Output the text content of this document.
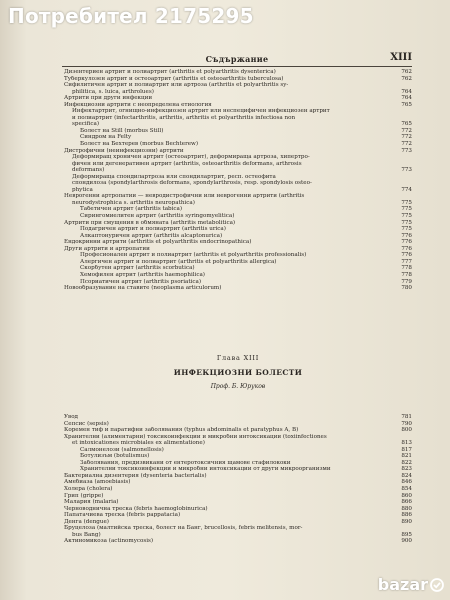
Потребител 2175295
Съдържание	XIII
Дизентериен артрит и полиартрит (arthritis et polyarthritis dysenterica)	762
Туберкулозен артрит и остеоартрит (arthritis et osteoarthritis tuberculosa)	762
Сифилитичен артрит и полиартрит или артроза (arthritis et polyarthritis sy-
philitica, s. luica, arthrolues)	764
Артрити при други инфекции	764
Инфекциозни артрити с неопределена етиология	765
Инфектартрит, огнищно-инфекциозен артрит или неспецифичен инфекциозен артрит
и полиартрит (infectarthritis, arthritis, arthritis et polyarthritis infectiosa non
specifica)	765
Болест на Still (morbus Still)	772
Синдром на Felty	772
Болест на Бехтерев (morbus Bechterew)	772
Дистрофични (неинфекциозни) артрити	773
Деформиращ хроничен артрит (остеоартрит), деформираща артроза, хипертро-
фичен или дегенеративен артрит (arthritis, osteoarthritis deformans, arthrosis
deformans)	773
Деформираща спондилартроза или спондилартрит, респ. остеофита
спондилоза (spondylarthrosis deformans, spondylarthrosis, resp. spondylosis osteo-
phytica	774
Неврогенни артропатии — невродистрофични или неврогенни артрити (arthritis
neurodystrophica s. arthritis neuropathica)	775
Табетичен артрит (arthritis tabica)	775
Сирингомиелитен артрит (arthritis syringomyelitica)	775
Артрити при смущения в обмяната (arthritis metabolitica)	775
Подагричен артрит и полиартрит (arthritis urica)	775
Алкаптонуричен артрит (arthritis alcaptonurica)	776
Ендокринни артрити (arthritis et polyarthritis endocrinopathica)	776
Други артрити и артропатии	776
Професионален артрит и полиартрит (arthritis et polyarthritis professionalis)	776
Алергичен артрит и полиартрит (arthritis et polyarthritis allergica)	777
Скорбутен артрит (arthritis scorbutica)	778
Хемофилен артрит (arthritis haemophilica)	778
Псориатичен артрит (arthritis psoriatica)	779
Новообразувание на ставите (neoplasma articulorum)	780
Глава XIII
ИНФЕКЦИОЗНИ БОЛЕСТИ
Проф. Б. Юруков
Увод	781
Сепсис (sepsis)	790
Коремен тиф и паратифни заболявания (typhus abdominalis et paratyphus A, B)	800
Хранителни (алиментарни) токсикоинфекции и микробни интоксикации (toxiinfectiones
et intoxicationes microbiales ex alimentatione)	813
Салмонелози (salmonellosis)	817
Ботулизъм (botulismus)	821
Заболявания, предизвикани от ентеротоксичния щамове стафилококи	822
Хранителни токсикоинфекции и микробни интоксикации от други микроорганизми	823
Бактериална дизентерия (dysenteria bacterialis)	824
Амебиаза (amoebiasis)	846
Холера (cholera)	854
Грип (grippe)	860
Малария (malaria)	866
Черноводнична треска (febris haemoglobinurica)	880
Папатачиева треска (febris pappatacia)	886
Денга (dengue)	890
Бруцелоза (малтийска треска, болест на Банг, brucellosis, febris melitensis, mor-
bus Bang)	895
Актиномикоза (actinomycosis)	900
bazar
